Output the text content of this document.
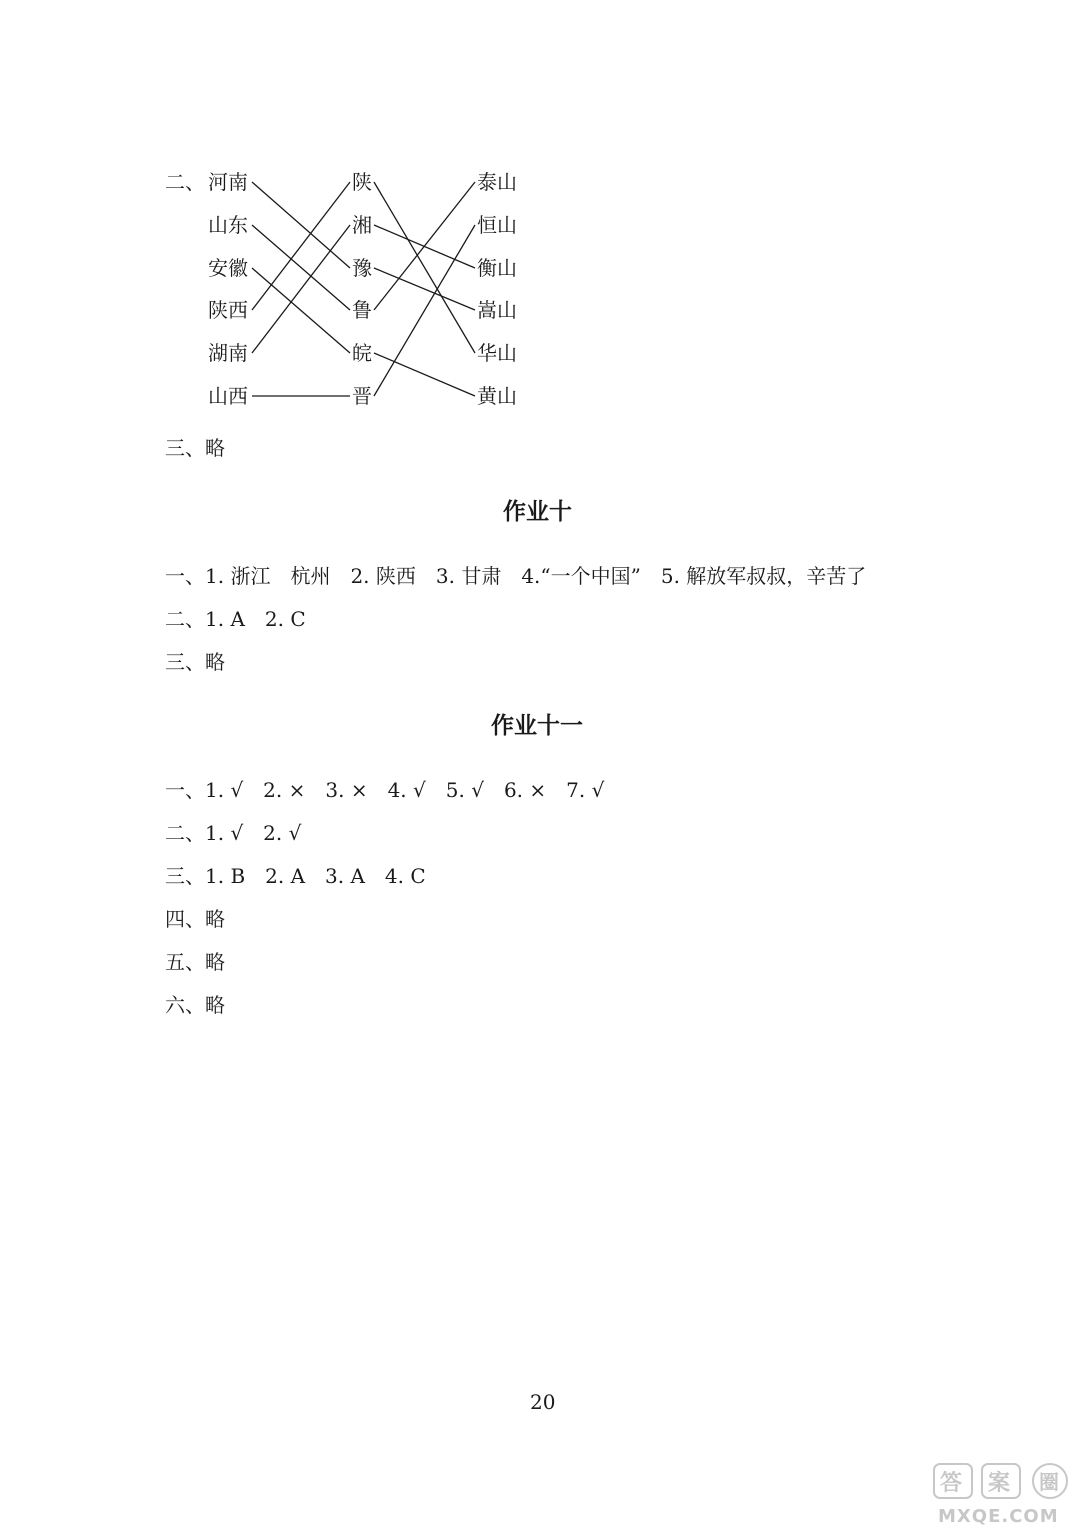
二、 河南
山东
安徽
陕西
湖南
山西
陕
湘
豫
鲁
皖
晋
泰山
恒山
衡山
嵩山
华山
黄山
三、略
作业十
一、1. 浙江　杭州　2. 陕西　3. 甘肃　4.“一个中国”　5. 解放军叔叔，辛苦了
二、1. A　2. C
三、略
作业十一
一、1. √　2. ×　3. ×　4. √　5. √　6. ×　7. √
二、1. √　2. √
三、1. B　2. A　3. A　4. C
四、略
五、略
六、略
20
答 案 圈
MXQE.COM
